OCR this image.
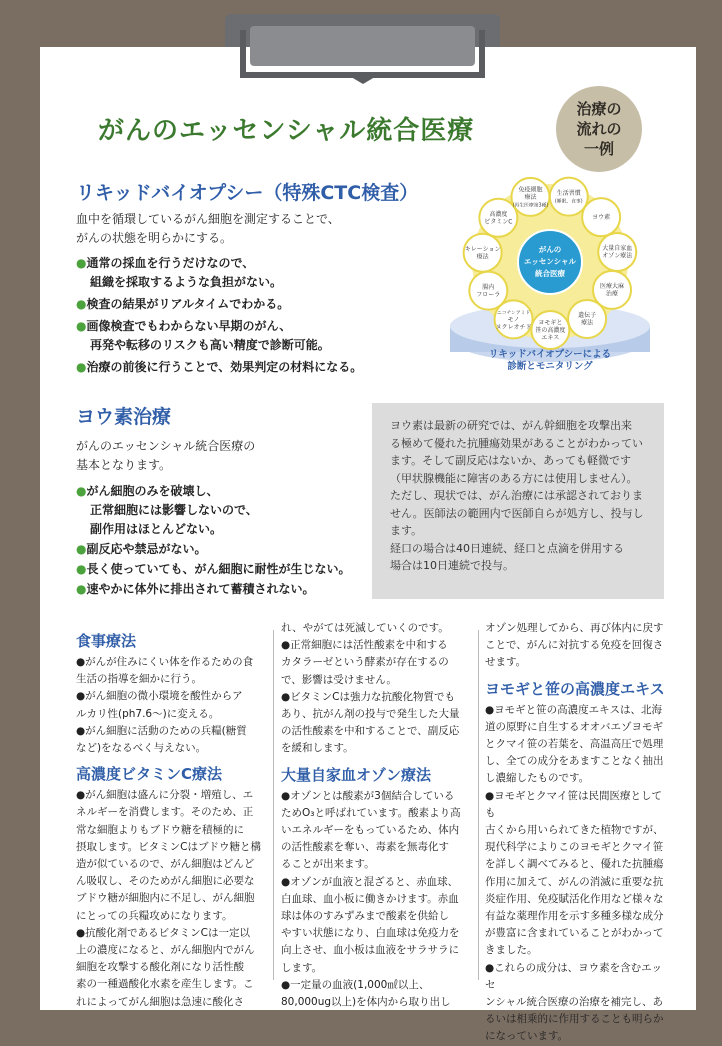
がんのエッセンシャル統合医療
治療の
流れの
一例
リキッドバイオプシー（特殊CTC検査）
血中を循環しているがん細胞を測定することで、
がんの状態を明らかにする。
●通常の採血を行うだけなので、
組織を採取するような負担がない。
●検査の結果がリアルタイムでわかる。
●画像検査でもわからない早期のがん、
再発や転移のリスクも高い精度で診断可能。
●治療の前後に行うことで、効果判定の材料になる。
リキッドバイオプシーによる
診断とモニタリング
生活習慣
(睡眠、食事)
ヨウ素
大量自家血
オゾン療法
医療大麻
治療
遺伝子
療法
ヨモギと
笹の高濃度
エキス
ニコチンアミド
モノ
ヌクレオチド
腸内
フローラ
キレーション
療法
高濃度
ビタミンC
免疫細胞
療法
(再生医療第3種)
がんの
エッセンシャル
統合医療
ヨウ素治療
がんのエッセンシャル統合医療の
基本となります。
●がん細胞のみを破壊し、
正常細胞には影響しないので、
副作用はほとんどない。
●副反応や禁忌がない。
●長く使っていても、がん細胞に耐性が生じない。
●速やかに体外に排出されて蓄積されない。

ヨウ素は最新の研究では、がん幹細胞を攻撃出来

る極めて優れた抗腫瘍効果があることがわかってい

ます。そして副反応はないか、あっても軽微です

（甲状腺機能に障害のある方には使用しません）。

ただし、現状では、がん治療には承認されておりま

せん。医師法の範囲内で医師自らが処方し、投与し

ます。

経口の場合は40日連続、経口と点滴を併用する

場合は10日連続で投与。

食事療法
●がんが住みにくい体を作るための食
生活の指導を細かに行う。
●がん細胞の微小環境を酸性からア
ルカリ性(ph7.6～)に変える。
●がん細胞に活動のための兵糧(糖質
など)をなるべく与えない。
高濃度ビタミンC療法
●がん細胞は盛んに分裂・増殖し、エ
ネルギーを消費します。そのため、正
常な細胞よりもブドウ糖を積極的に
摂取します。ビタミンCはブドウ糖と構
造が似ているので、がん細胞はどんど
ん吸収し、そのためがん細胞に必要な
ブドウ糖が細胞内に不足し、がん細胞
にとっての兵糧攻めになります。
●抗酸化剤であるビタミンCは一定以
上の濃度になると、がん細胞内でがん
細胞を攻撃する酸化剤になり活性酸
素の一種過酸化水素を産生します。こ
れによってがん細胞は急速に酸化さ
れ、やがては死滅していくのです。
●正常細胞には活性酸素を中和する
カタラーゼという酵素が存在するの
で、影響は受けません。
●ビタミンCは強力な抗酸化物質でも
あり、抗がん剤の投与で発生した大量
の活性酸素を中和することで、副反応
を緩和します。
大量自家血オゾン療法
●オゾンとは酸素が3個結合している
ためO₃と呼ばれています。酸素より高
いエネルギーをもっているため、体内
の活性酸素を奪い、毒素を無毒化す
ることが出来ます。
●オゾンが血液と混ざると、赤血球、
白血球、血小板に働きかけます。赤血
球は体のすみずみまで酸素を供給し
やすい状態になり、白血球は免疫力を
向上させ、血小板は血液をサラサラに
します。
●一定量の血液(1,000㎖以上、
80,000ug以上)を体内から取り出し
オゾン処理してから、再び体内に戻す
ことで、がんに対抗する免疫を回復さ
せます。
ヨモギと笹の高濃度エキス
●ヨモギと笹の高濃度エキスは、北海
道の原野に自生するオオバエゾヨモギ
とクマイ笹の若葉を、高温高圧で処理
し、全ての成分をあますことなく抽出
し濃縮したものです。
●ヨモギとクマイ笹は民間医療としても
古くから用いられてきた植物ですが、
現代科学によりこのヨモギとクマイ笹
を詳しく調べてみると、優れた抗腫瘍
作用に加えて、がんの消滅に重要な抗
炎症作用、免疫賦活化作用など様々な
有益な薬理作用を示す多種多様な成分
が豊富に含まれていることがわかって
きました。
●これらの成分は、ヨウ素を含むエッセ
ンシャル統合医療の治療を補完し、あ
るいは相乗的に作用することも明らか
になっています。
